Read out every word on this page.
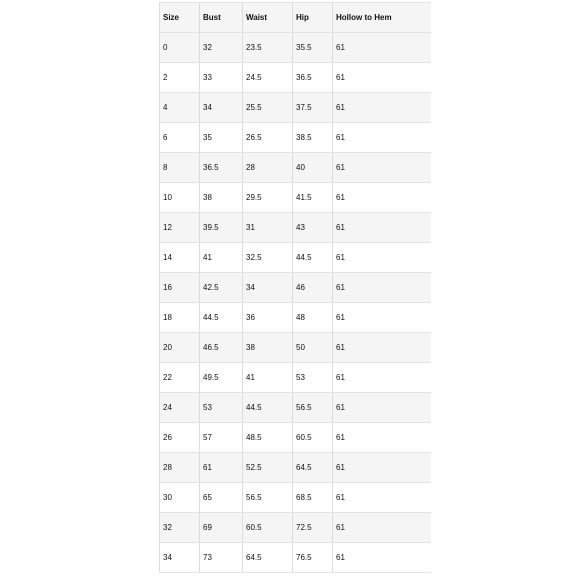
Size	Bust	Waist	Hip	Hollow to Hem
0	32	23.5	35.5	61
2	33	24.5	36.5	61
4	34	25.5	37.5	61
6	35	26.5	38.5	61
8	36.5	28	40	61
10	38	29.5	41.5	61
12	39.5	31	43	61
14	41	32.5	44.5	61
16	42.5	34	46	61
18	44.5	36	48	61
20	46.5	38	50	61
22	49.5	41	53	61
24	53	44.5	56.5	61
26	57	48.5	60.5	61
28	61	52.5	64.5	61
30	65	56.5	68.5	61
32	69	60.5	72.5	61
34	73	64.5	76.5	61
